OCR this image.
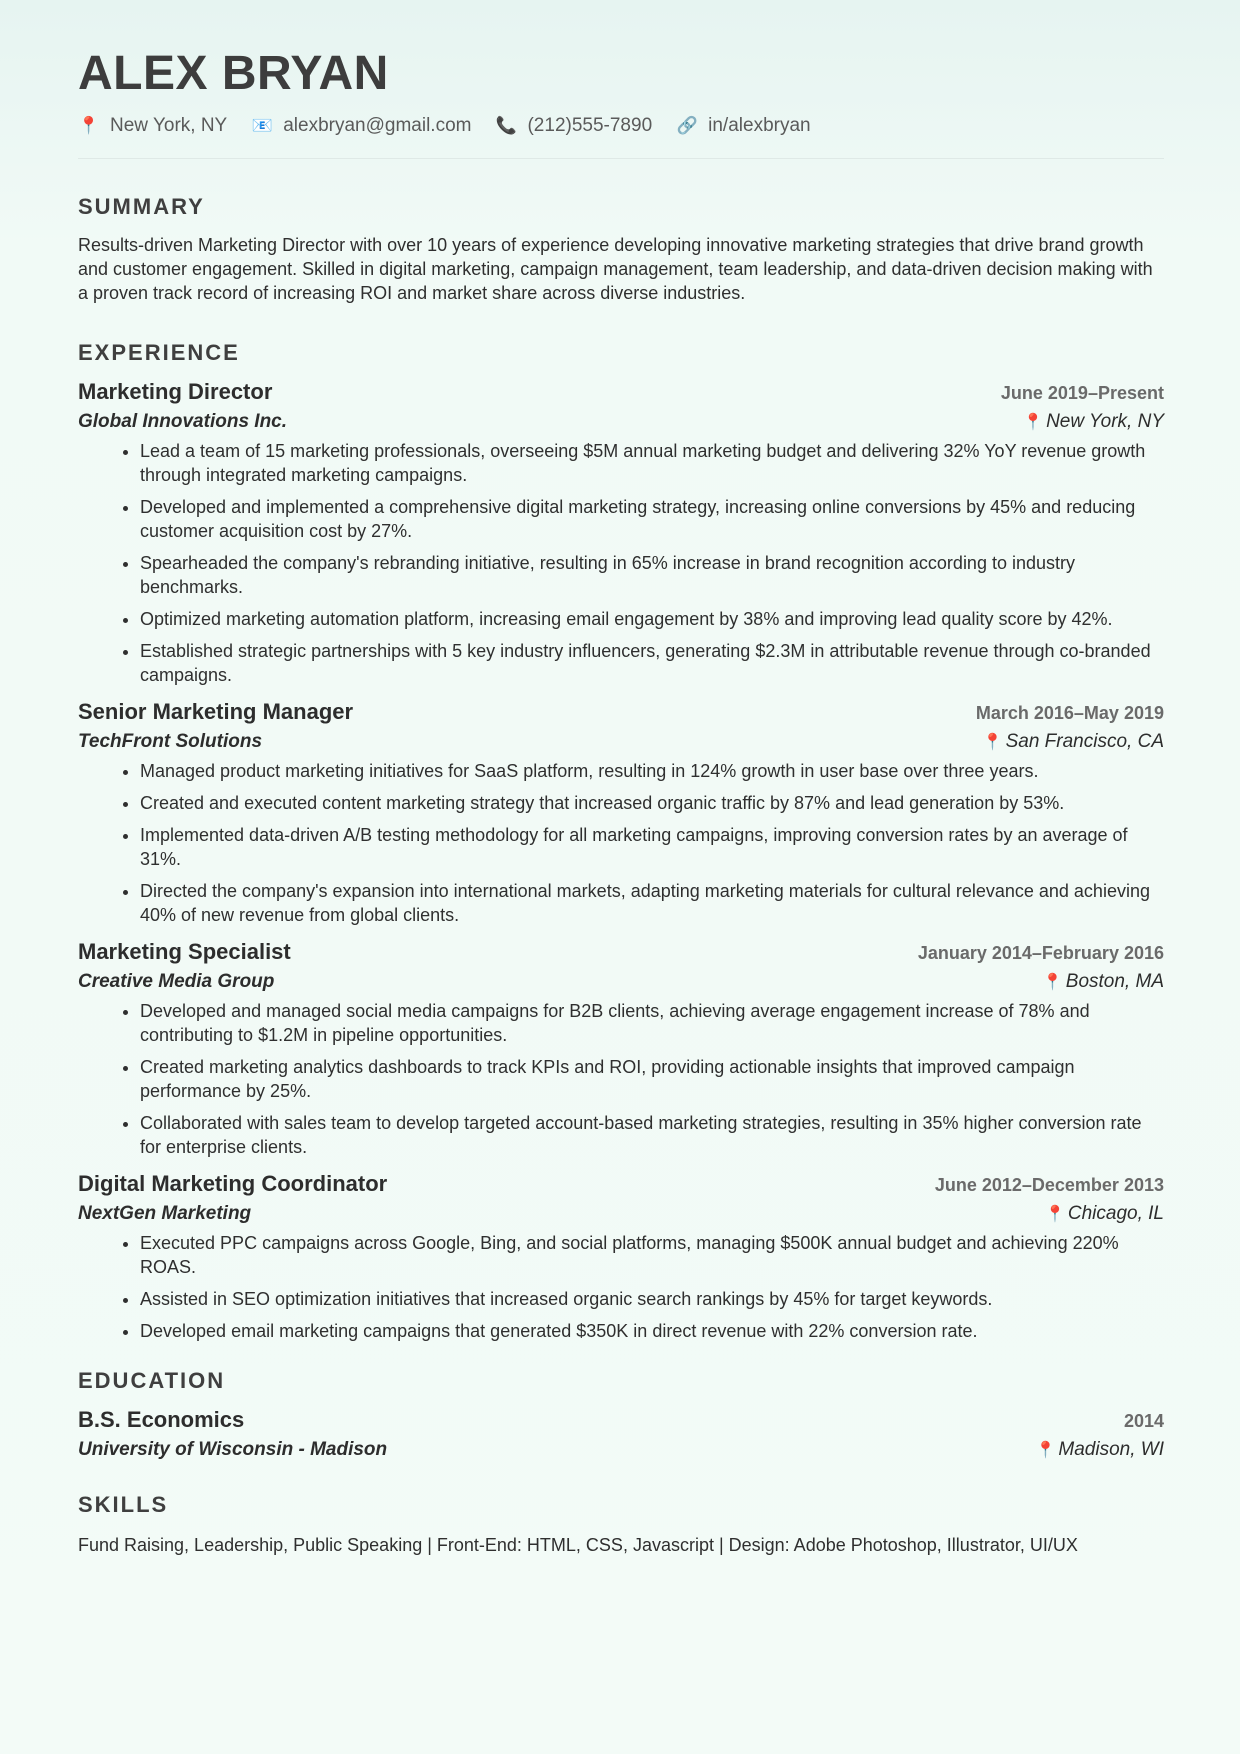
ALEX BRYAN
📍 New York, NY 📧 alexbryan@gmail.com 📞 (212)555-7890 🔗 in/alexbryan
SUMMARY

Results-driven Marketing Director with over 10 years of experience developing innovative marketing strategies that drive brand growth and customer engagement. Skilled in digital marketing, campaign management, team leadership, and data-driven decision making with a proven track record of increasing ROI and market share across diverse industries.

EXPERIENCE
Marketing Director	June 2019–Present
Global Innovations Inc.	📍 New York, NY
• Lead a team of 15 marketing professionals, overseeing $5M annual marketing budget and delivering 32% YoY revenue growth through integrated marketing campaigns.
• Developed and implemented a comprehensive digital marketing strategy, increasing online conversions by 45% and reducing customer acquisition cost by 27%.
• Spearheaded the company's rebranding initiative, resulting in 65% increase in brand recognition according to industry benchmarks.
• Optimized marketing automation platform, increasing email engagement by 38% and improving lead quality score by 42%.
• Established strategic partnerships with 5 key industry influencers, generating $2.3M in attributable revenue through co-branded campaigns.
Senior Marketing Manager	March 2016–May 2019
TechFront Solutions	📍 San Francisco, CA
• Managed product marketing initiatives for SaaS platform, resulting in 124% growth in user base over three years.
• Created and executed content marketing strategy that increased organic traffic by 87% and lead generation by 53%.
• Implemented data-driven A/B testing methodology for all marketing campaigns, improving conversion rates by an average of 31%.
• Directed the company's expansion into international markets, adapting marketing materials for cultural relevance and achieving 40% of new revenue from global clients.
Marketing Specialist	January 2014–February 2016
Creative Media Group	📍 Boston, MA
• Developed and managed social media campaigns for B2B clients, achieving average engagement increase of 78% and contributing to $1.2M in pipeline opportunities.
• Created marketing analytics dashboards to track KPIs and ROI, providing actionable insights that improved campaign performance by 25%.
• Collaborated with sales team to develop targeted account-based marketing strategies, resulting in 35% higher conversion rate for enterprise clients.
Digital Marketing Coordinator	June 2012–December 2013
NextGen Marketing	📍 Chicago, IL
• Executed PPC campaigns across Google, Bing, and social platforms, managing $500K annual budget and achieving 220% ROAS.
• Assisted in SEO optimization initiatives that increased organic search rankings by 45% for target keywords.
• Developed email marketing campaigns that generated $350K in direct revenue with 22% conversion rate.
EDUCATION
B.S. Economics	2014
University of Wisconsin - Madison	📍 Madison, WI
SKILLS
Fund Raising, Leadership, Public Speaking | Front-End: HTML, CSS, Javascript | Design: Adobe Photoshop, Illustrator, UI/UX
